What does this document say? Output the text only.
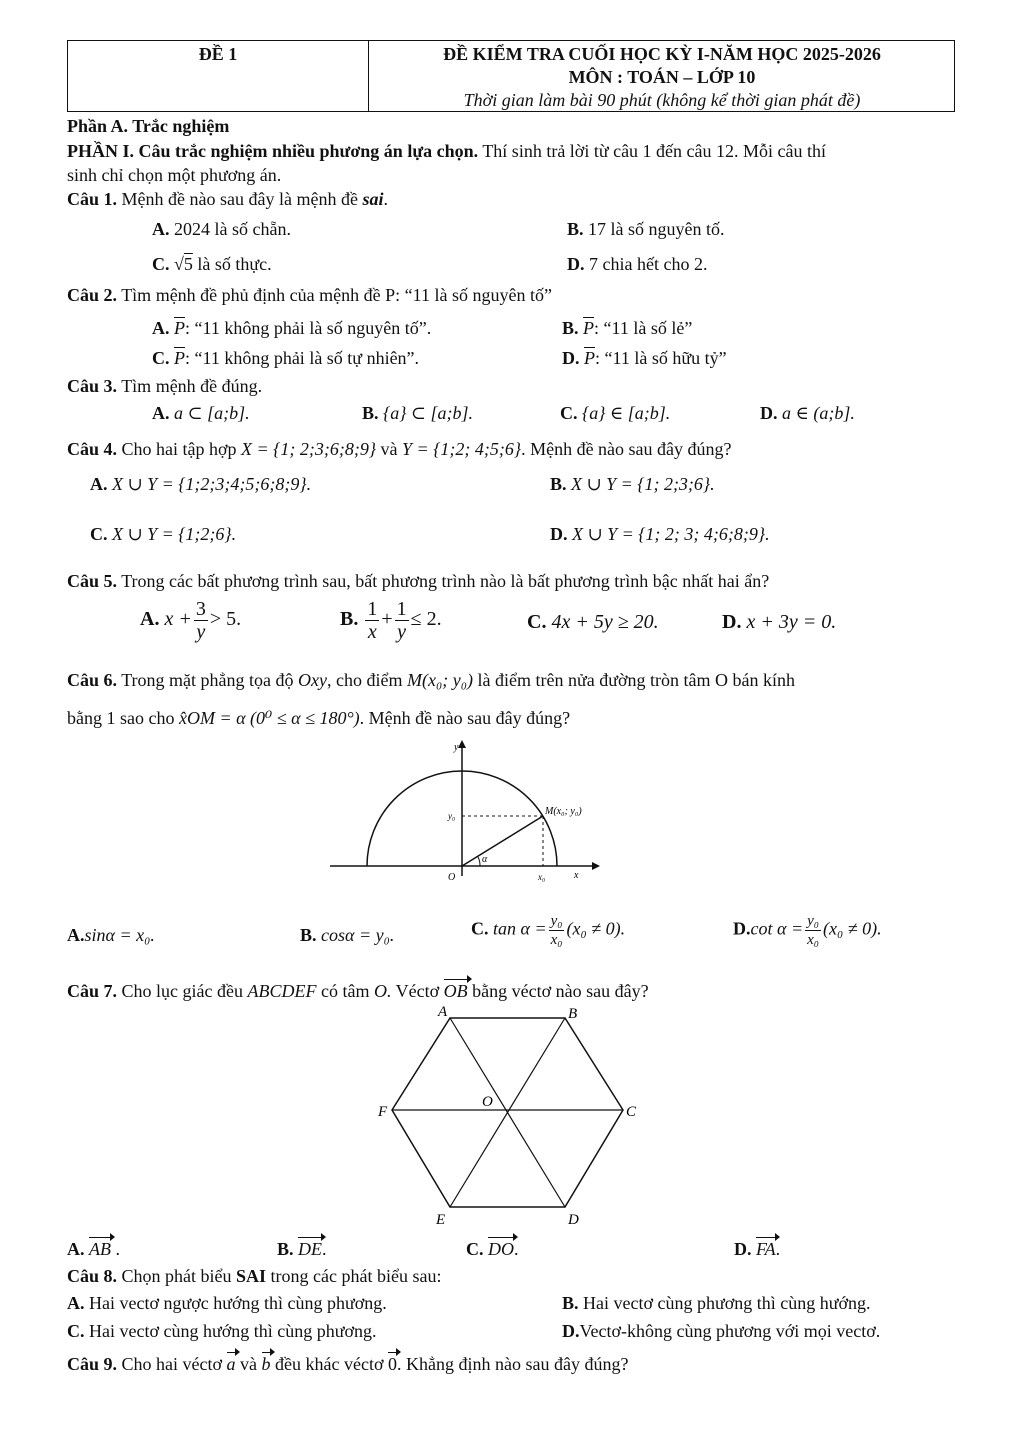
ĐỀ 1	ĐỀ KIỂM TRA CUỐI HỌC KỲ I-NĂM HỌC 2025-2026
MÔN : TOÁN – LỚP 10
Thời gian làm bài 90 phút (không kể thời gian phát đề)
Phần A. Trắc nghiệm
PHẦN I. Câu trắc nghiệm nhiều phương án lựa chọn. Thí sinh trả lời từ câu 1 đến câu 12. Mỗi câu thí
sinh chỉ chọn một phương án.
Câu 1. Mệnh đề nào sau đây là mệnh đề sai.
A. 2024 là số chẵn.	B. 17 là số nguyên tố.
C. √5 là số thực.	D. 7 chia hết cho 2.
Câu 2. Tìm mệnh đề phủ định của mệnh đề P: “11 là số nguyên tố”
A. $\overline{P}$: “11 không phải là số nguyên tố”.	B. $\overline{P}$: “11 là số lẻ”
C. $\overline{P}$: “11 không phải là số tự nhiên”.	D. $\overline{P}$: “11 là số hữu tỷ”
Câu 3. Tìm mệnh đề đúng.
A. a ⊂ [a;b].	B. {a} ⊂ [a;b].	C. {a} ∈ [a;b].	D. a ∈ (a;b].
Câu 4. Cho hai tập hợp X = {1; 2;3;6;8;9} và Y = {1;2; 4;5;6}. Mệnh đề nào sau đây đúng?
A. X ∪ Y = {1;2;3;4;5;6;8;9}.	B. X ∪ Y = {1; 2;3;6}.
C. X ∪ Y = {1;2;6}.	D. X ∪ Y = {1; 2; 3; 4;6;8;9}.
Câu 5. Trong các bất phương trình sau, bất phương trình nào là bất phương trình bậc nhất hai ẩn?
A. $x + \frac{3}{y} > 5$.	B. $\frac{1}{x} + \frac{1}{y} \le 2$.	C. 4x + 5y ≥ 20.	D. x + 3y = 0.
Câu 6. Trong mặt phẳng tọa độ Oxy, cho điểm M(x₀; y₀) là điểm trên nửa đường tròn tâm O bán kính
bằng 1 sao cho x̂OM = α (0⁰ ≤ α ≤ 180°). Mệnh đề nào sau đây đúng?
y
x
O
y₀
x₀
α
M(x₀; y₀)
A.sinα = x₀.	B. cosα = y₀.	C. $\tan \alpha = \frac{\text{y₀}}{\text{x₀}} (x_0 \ne 0)$.	D.cot $\alpha = \frac{\text{y₀}}{\text{x₀}} (x_0 \ne 0)$.
Câu 7. Cho lục giác đều ABCDEF có tâm O. Véctơ OB bằng véctơ nào sau đây?
A	B
C
D
E
F
O
A. AB .	B. DE.	C. DO.	D. FA.
Câu 8. Chọn phát biểu SAI trong các phát biểu sau:
A. Hai vectơ ngược hướng thì cùng phương.	B. Hai vectơ cùng phương thì cùng hướng.
C. Hai vectơ cùng hướng thì cùng phương.	D.Vectơ-không cùng phương với mọi vectơ.
Câu 9. Cho hai véctơ a và b đều khác véctơ 0. Khẳng định nào sau đây đúng?
